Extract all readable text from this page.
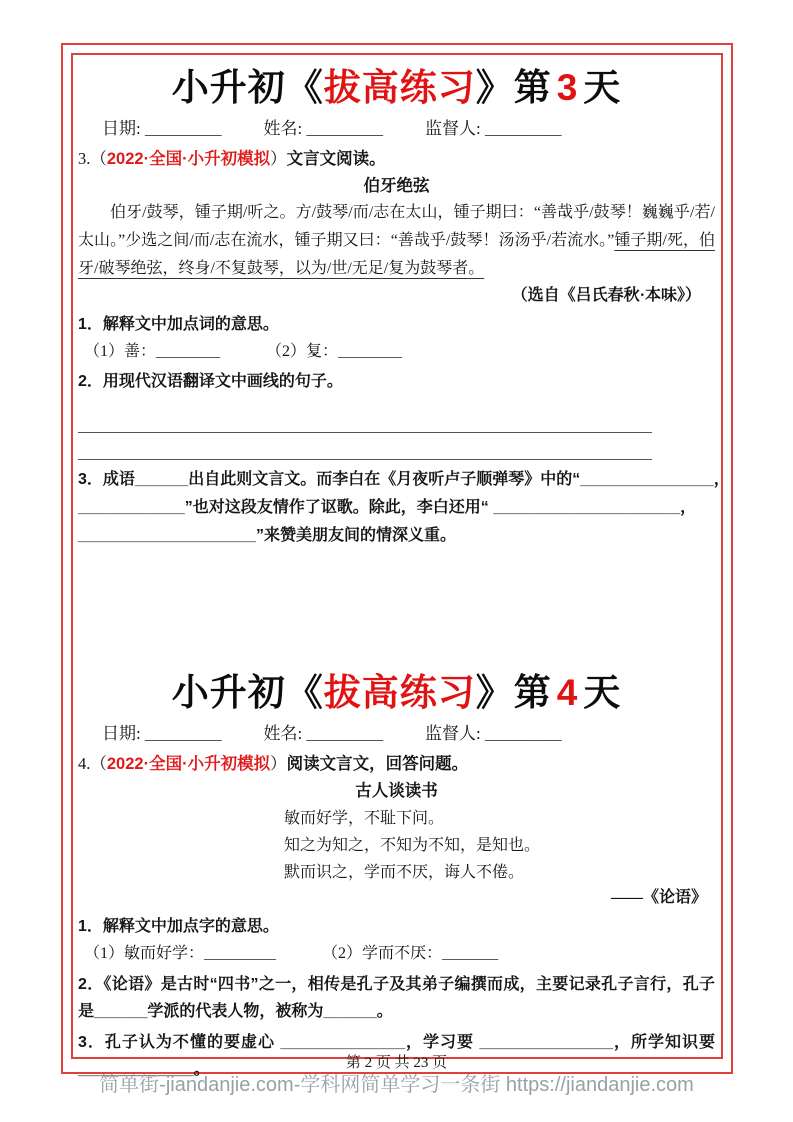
小升初《拔高练习》第 3 天
日期: _________ 姓名: _________ 监督人: _________

3.（2022·全国·小升初模拟）文言文阅读。

伯牙绝弦

伯牙/鼓琴，锺子期/听之。方/鼓琴/而/志在太山，锺子期曰：“善 •哉乎/鼓琴！巍巍乎/若/太山。”少选之间/而/志在流水，锺子期又曰：“善哉乎/鼓琴！汤汤乎/若流水。”锺子期/死，伯牙/破琴绝弦，终身/不复鼓琴，以为/世/无足/复为鼓琴者。

（选自《吕氏春秋·本味》）

1．解释文中加点词的意思。

（1）善 •：________	（2）复 •：________

2．用现代汉语翻译文中画线的句子。

3．成语______出自此则文言文。而李白在《月夜听卢子顺弹琴》中的“_______________，
____________”也对这段友情作了讴歌。除此，李白还用“ _____________________，
____________________”来赞美朋友间的情深义重。
小升初《拔高练习》第 4 天
日期: _________ 姓名: _________ 监督人: _________

4.（2022·全国·小升初模拟）阅读文言文，回答问题。

古人谈读书
敏而好学，不耻下问。
知之为知之，不知为不知，是知也。
默而识之，学而不厌，诲人不倦。
——《论语》

1．解释文中加点字的意思。

（1）敏 •而好学：_________	（2）学而不厌 •：_______

2．《论语》是古时“四书”之一，相传是孔子及其弟子编撰而成，主要记录孔子言行，孔子是______学派的代表人物，被称为______。

3．孔子认为不懂的要虚心 ______________，学习要 _______________，所学知识要_____________。	第 2 页 共 23 页
简单街-jiandanjie.com-学科网简单学习一条街 https://jiandanjie.com
